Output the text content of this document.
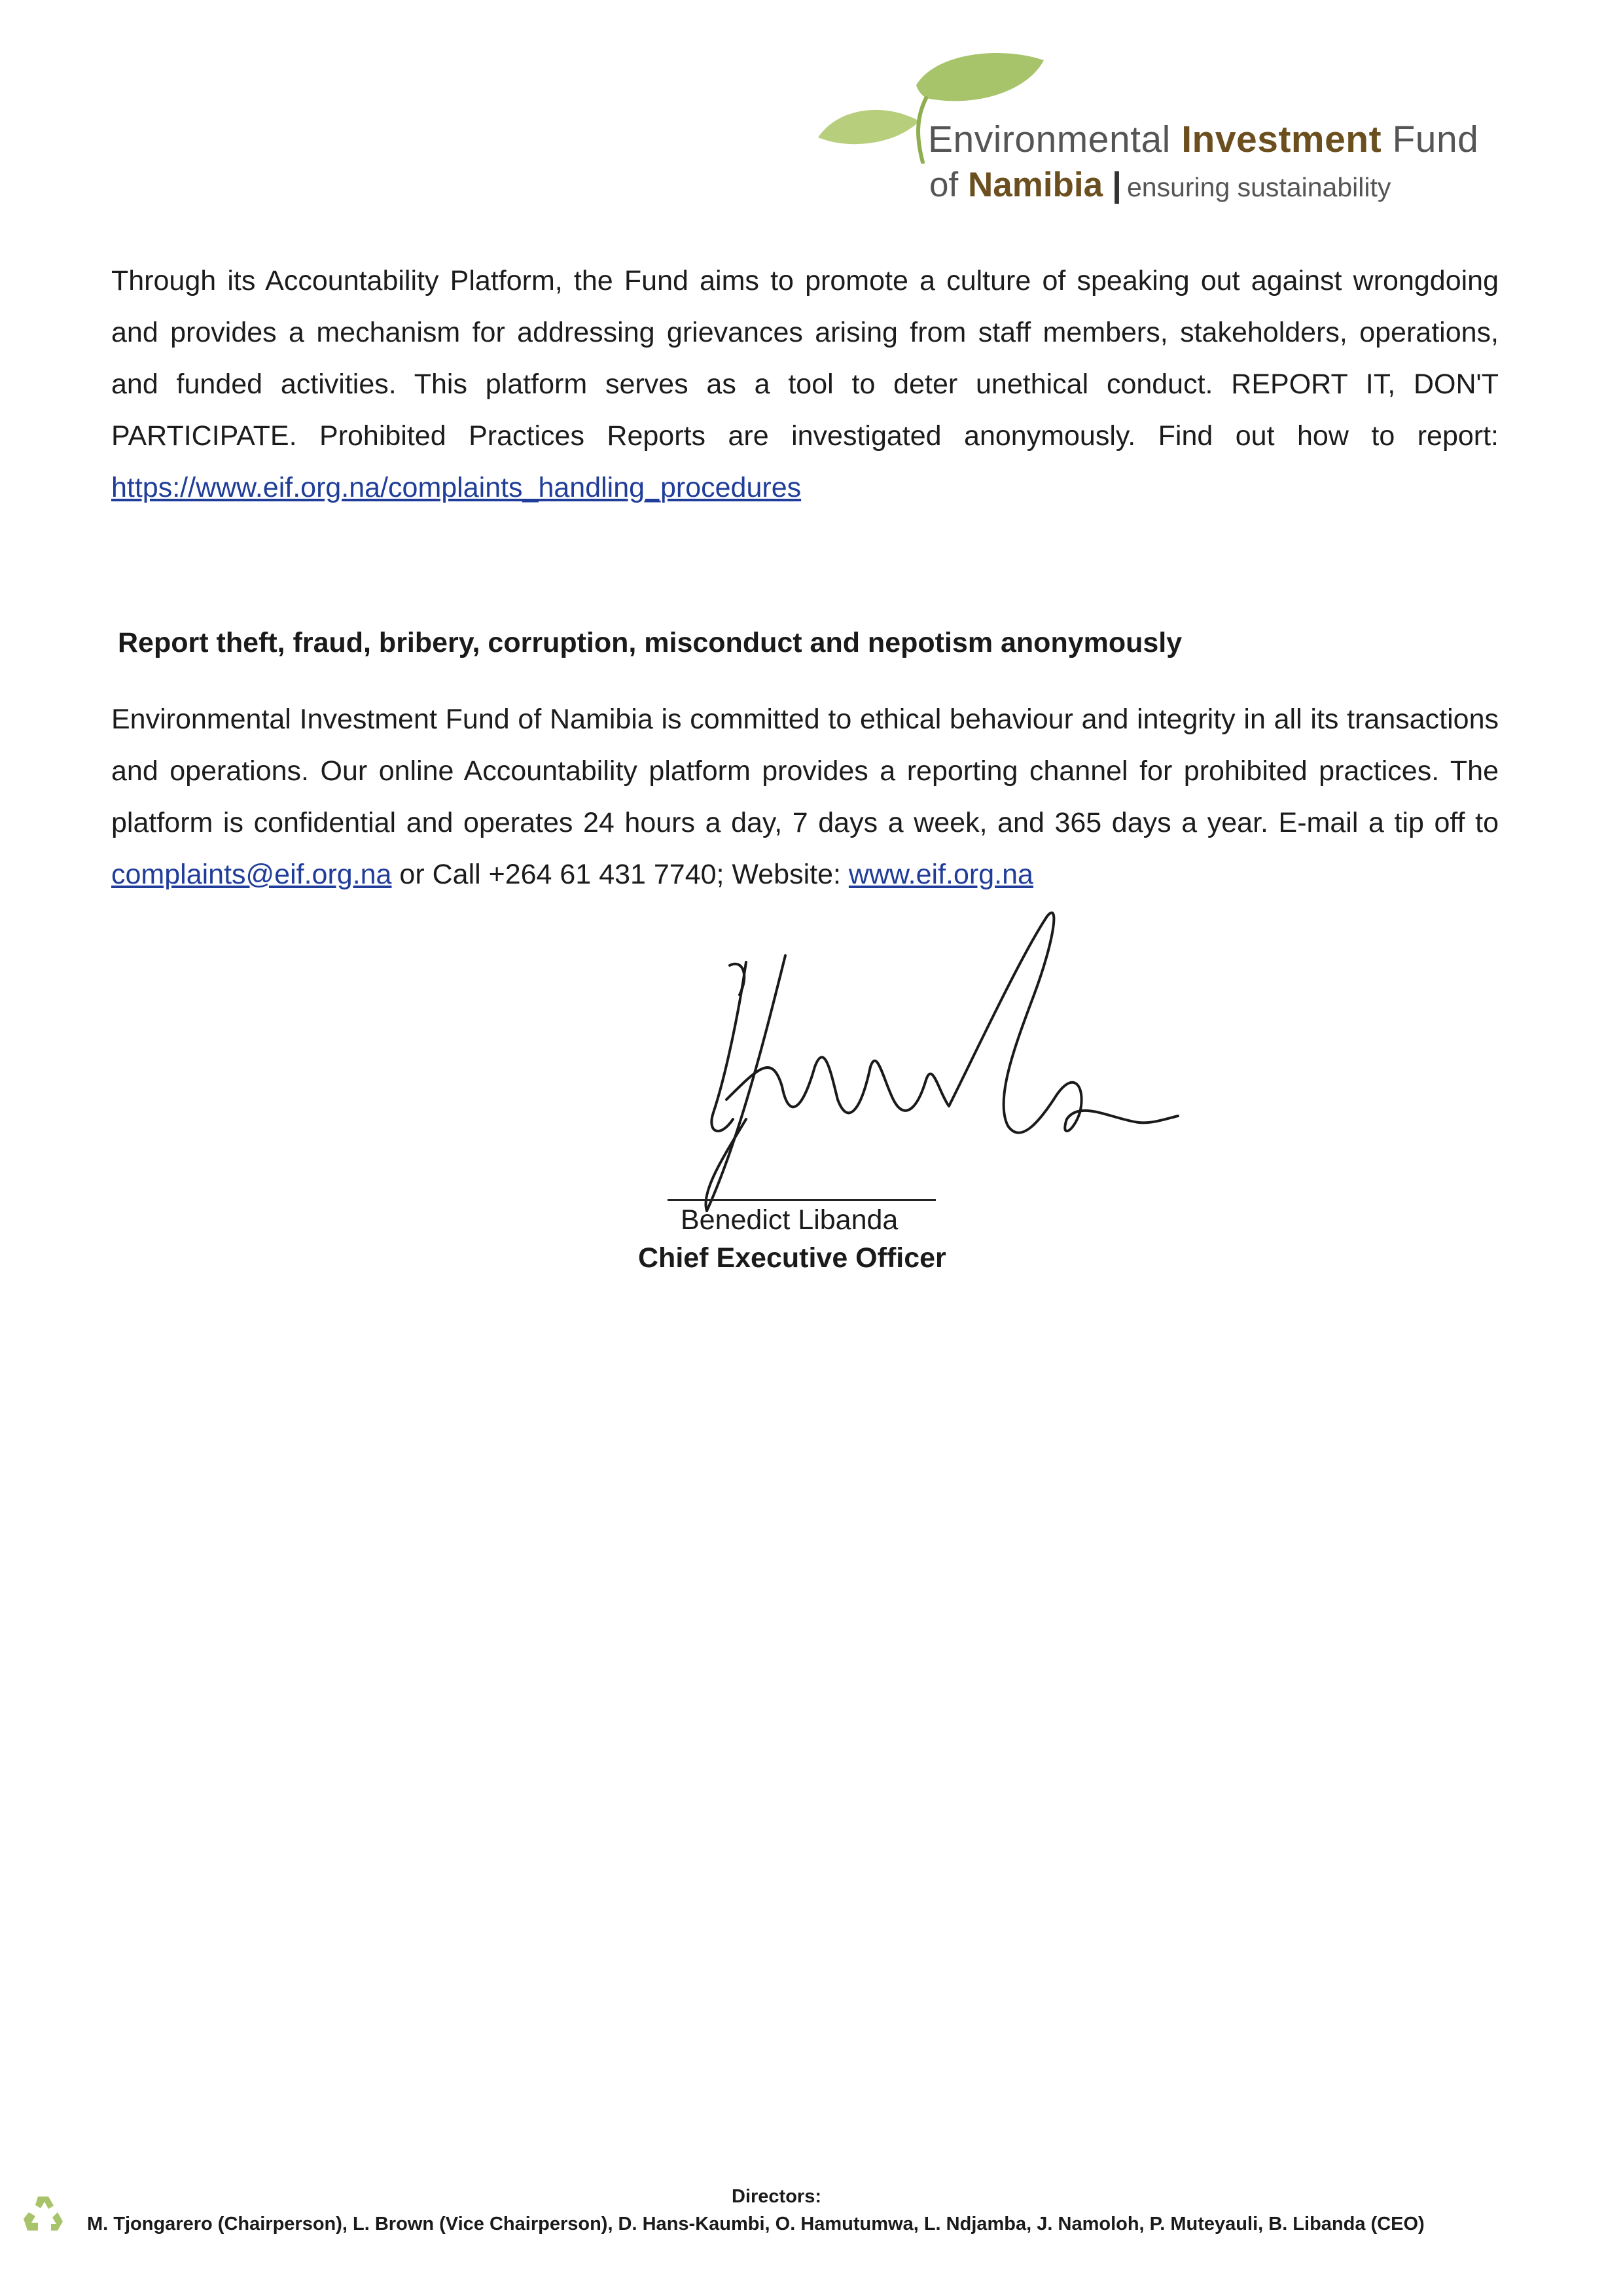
Environmental Investment Fund
of Namibia | ensuring sustainability
Through its Accountability Platform, the Fund aims to promote a culture of speaking out against wrongdoing and provides a mechanism for addressing grievances arising from staff members, stakeholders, operations, and funded activities. This platform serves as a tool to deter unethical conduct. REPORT IT, DON'T PARTICIPATE. Prohibited Practices Reports are investigated anonymously. Find out how to report: https://www.eif.org.na/complaints_handling_procedures
Report theft, fraud, bribery, corruption, misconduct and nepotism anonymously
Environmental Investment Fund of Namibia is committed to ethical behaviour and integrity in all its transactions and operations. Our online Accountability platform provides a reporting channel for prohibited practices. The platform is confidential and operates 24 hours a day, 7 days a week, and 365 days a year. E-mail a tip off to complaints@eif.org.na or Call +264 61 431 7740; Website: www.eif.org.na
Benedict Libanda
Chief Executive Officer
Directors:
M. Tjongarero (Chairperson), L. Brown (Vice Chairperson), D. Hans-Kaumbi, O. Hamutumwa, L. Ndjamba, J. Namoloh, P. Muteyauli, B. Libanda (CEO)
